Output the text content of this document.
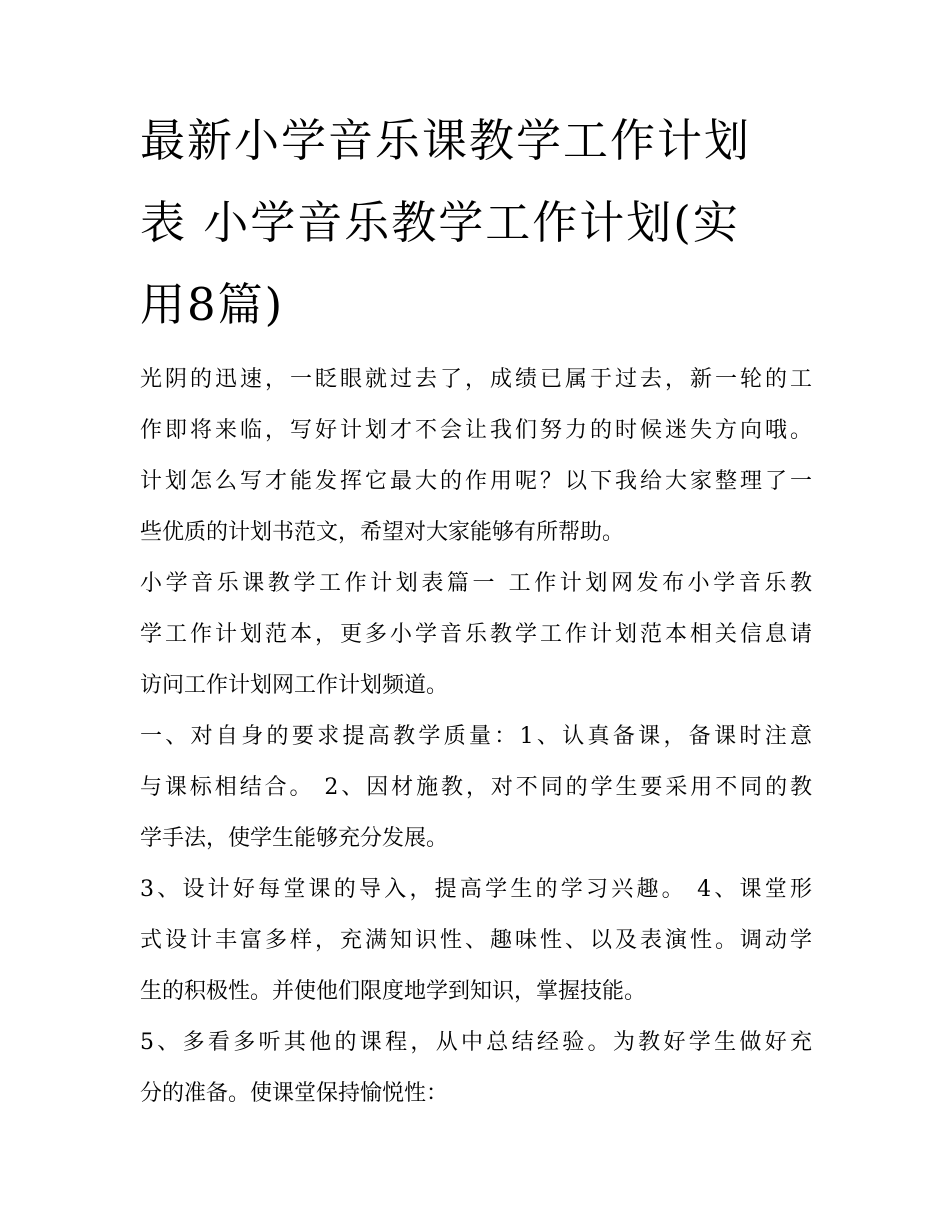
最新小学音乐课教学工作计划
表 小学音乐教学工作计划(实
用8篇)
光阴的迅速，一眨眼就过去了，成绩已属于过去，新一轮的工
作即将来临，写好计划才不会让我们努力的时候迷失方向哦。
计划怎么写才能发挥它最大的作用呢？以下我给大家整理了一
些优质的计划书范文，希望对大家能够有所帮助。
小学音乐课教学工作计划表篇一 工作计划网发布小学音乐教
学工作计划范本，更多小学音乐教学工作计划范本相关信息请
访问工作计划网工作计划频道。
一、对自身的要求提高教学质量：1、认真备课，备课时注意
与课标相结合。 2、因材施教，对不同的学生要采用不同的教
学手法，使学生能够充分发展。
3、设计好每堂课的导入，提高学生的学习兴趣。 4、课堂形
式设计丰富多样，充满知识性、趣味性、以及表演性。调动学
生的积极性。并使他们限度地学到知识，掌握技能。
5、多看多听其他的课程，从中总结经验。为教好学生做好充
分的准备。使课堂保持愉悦性：
